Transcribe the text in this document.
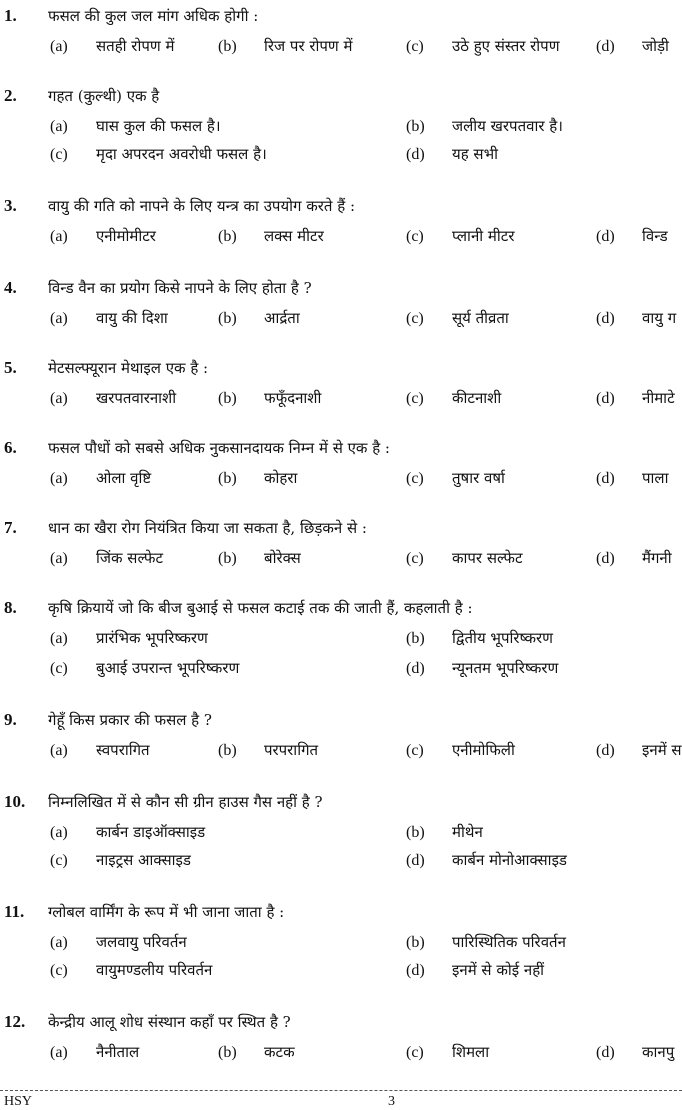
1. फसल की कुल जल मांग अधिक होगी :
(a) सतही रोपण में	(b) रिज पर रोपण में	(c) उठे हुए संस्तर रोपण (d) जोड़ी
2. गहत (कुल्थी) एक है
(a) घास कुल की फसल है।	(b) जलीय खरपतवार है।
(c) मृदा अपरदन अवरोधी फसल है।	(d) यह सभी
3. वायु की गति को नापने के लिए यन्त्र का उपयोग करते हैं :
(a) एनीमोमीटर	(b) लक्स मीटर	(c) प्लानी मीटर	(d) विन्ड
4. विन्ड वैन का प्रयोग किसे नापने के लिए होता है ?
(a) वायु की दिशा	(b) आर्द्रता	(c) सूर्य तीव्रता	(d) वायु ग
5. मेटसल्फ्यूरान मेथाइल एक है :
(a) खरपतवारनाशी	(b) फफूँदनाशी	(c) कीटनाशी	(d) नीमाटे
6. फसल पौधों को सबसे अधिक नुकसानदायक निम्न में से एक है :
(a) ओला वृष्टि	(b) कोहरा	(c) तुषार वर्षा	(d) पाला
7. धान का खैरा रोग नियंत्रित किया जा सकता है, छिड़कने से :
(a) जिंक सल्फेट	(b) बोरेक्स	(c) कापर सल्फेट	(d) मैंगनी
8. कृषि क्रियायें जो कि बीज बुआई से फसल कटाई तक की जाती हैं, कहलाती है :
(a) प्रारंभिक भूपरिष्करण	(b) द्वितीय भूपरिष्करण
(c) बुआई उपरान्त भूपरिष्करण	(d) न्यूनतम भूपरिष्करण
9. गेहूँ किस प्रकार की फसल है ?
(a) स्वपरागित	(b) परपरागित	(c) एनीमोफिली	(d) इनमें स
10. निम्नलिखित में से कौन सी ग्रीन हाउस गैस नहीं है ?
(a) कार्बन डाइऑक्साइड	(b) मीथेन
(c) नाइट्रस आक्साइड	(d) कार्बन मोनोआक्साइड
11. ग्लोबल वार्मिंग के रूप में भी जाना जाता है :
(a) जलवायु परिवर्तन	(b) पारिस्थितिक परिवर्तन
(c) वायुमण्डलीय परिवर्तन	(d) इनमें से कोई नहीं
12. केन्द्रीय आलू शोध संस्थान कहाँ पर स्थित है ?
(a) नैनीताल	(b) कटक	(c) शिमला	(d) कानपु
HSY	3
